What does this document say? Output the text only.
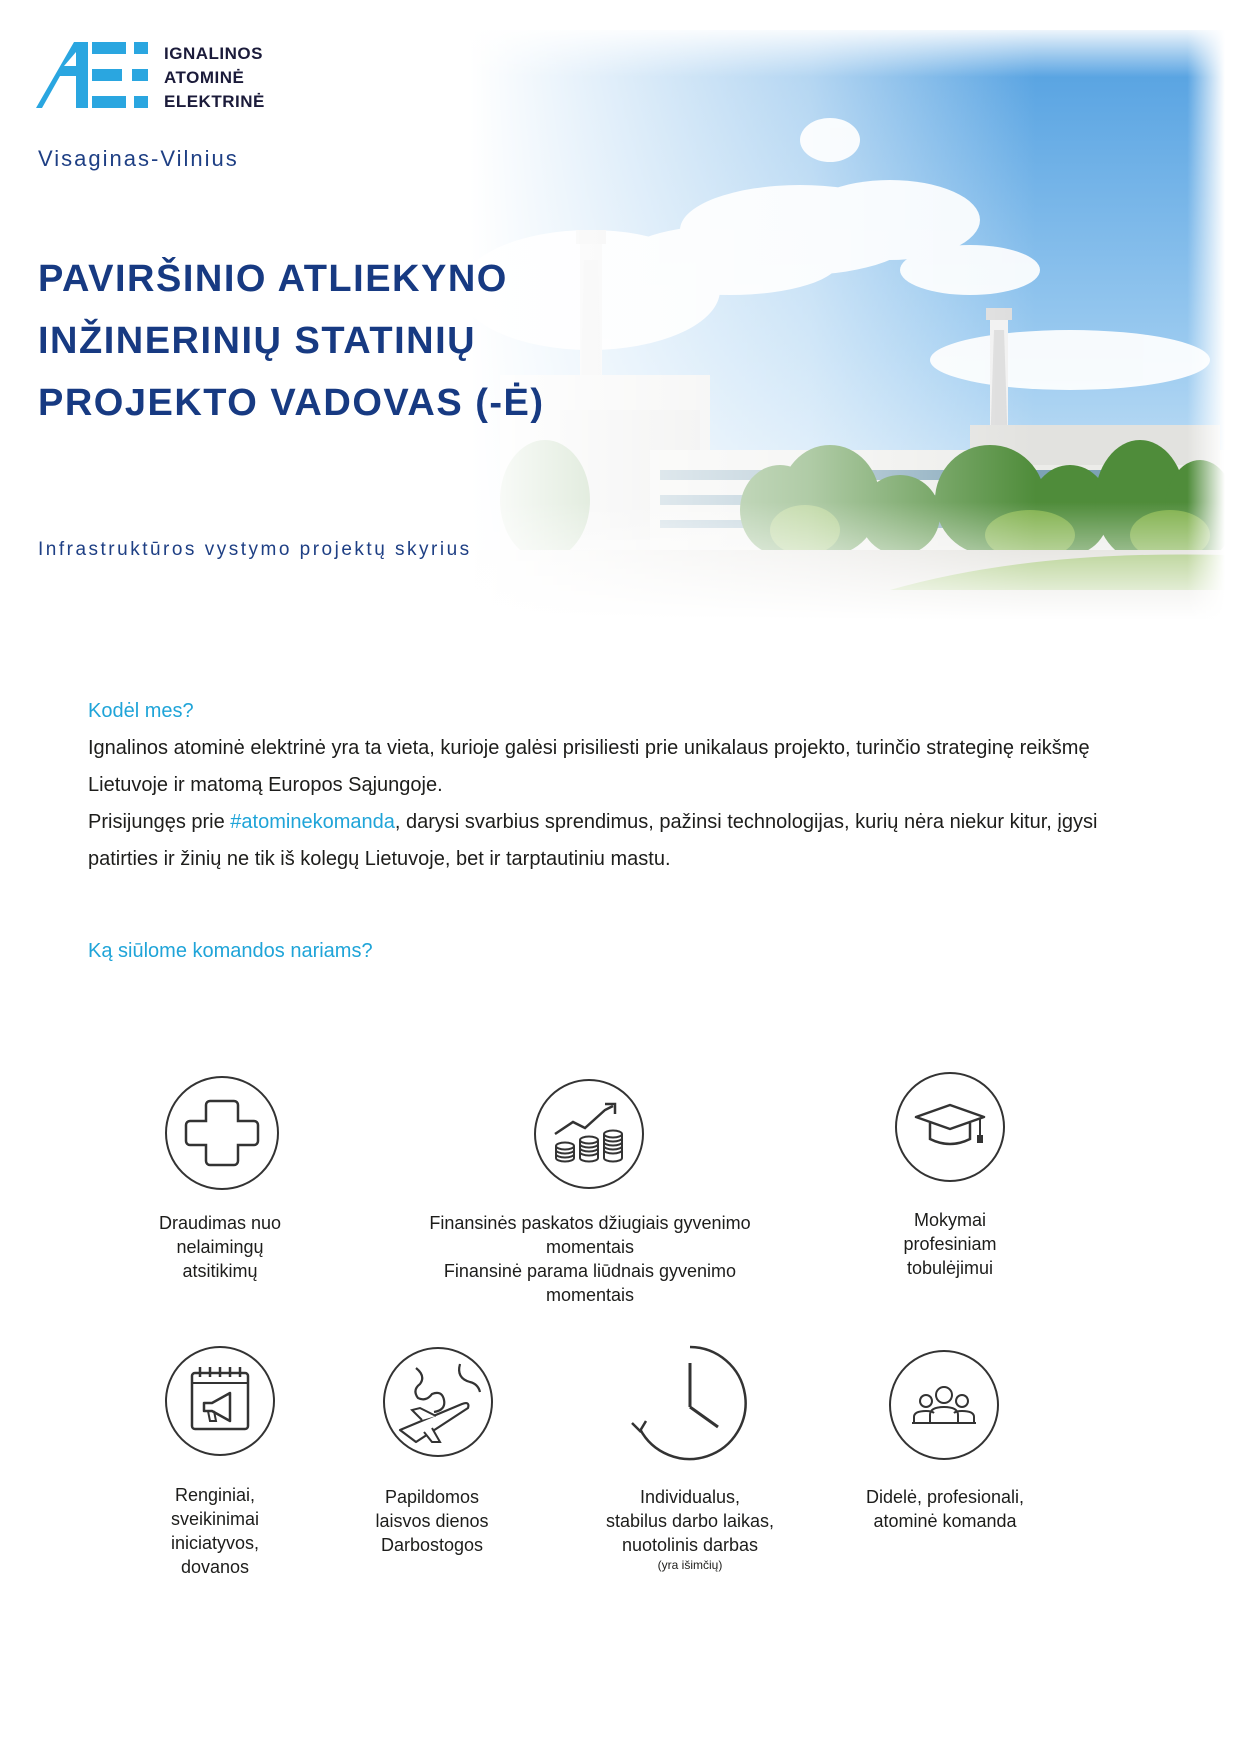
IGNALINOS
ATOMINĖ
ELEKTRINĖ
Visaginas-Vilnius
PAVIRŠINIO ATLIEKYNO
INŽINERINIŲ STATINIŲ
PROJEKTO VADOVAS (-Ė)
Infrastruktūros vystymo projektų skyrius
Kodėl mes?

Ignalinos atominė elektrinė yra ta vieta, kurioje galėsi prisiliesti prie unikalaus projekto, turinčio strateginę reikšmę Lietuvoje ir matomą Europos Sąjungoje.

Prisijungęs prie #atominekomanda, darysi svarbius sprendimus, pažinsi technologijas, kurių nėra niekur kitur, įgysi patirties ir žinių ne tik iš kolegų Lietuvoje, bet ir tarptautiniu mastu.

Ką siūlome komandos nariams?
Draudimas nuo
nelaimingų
atsitikimų
Finansinės paskatos džiugiais gyvenimo
momentais
Finansinė parama liūdnais gyvenimo
momentais
Mokymai
profesiniam
tobulėjimui
Renginiai,
sveikinimai
iniciatyvos,
dovanos
Papildomos
laisvos dienos
Darbostogos
Individualus,
stabilus darbo laikas,
nuotolinis darbas
(yra išimčių)
Didelė, profesionali,
atominė komanda
